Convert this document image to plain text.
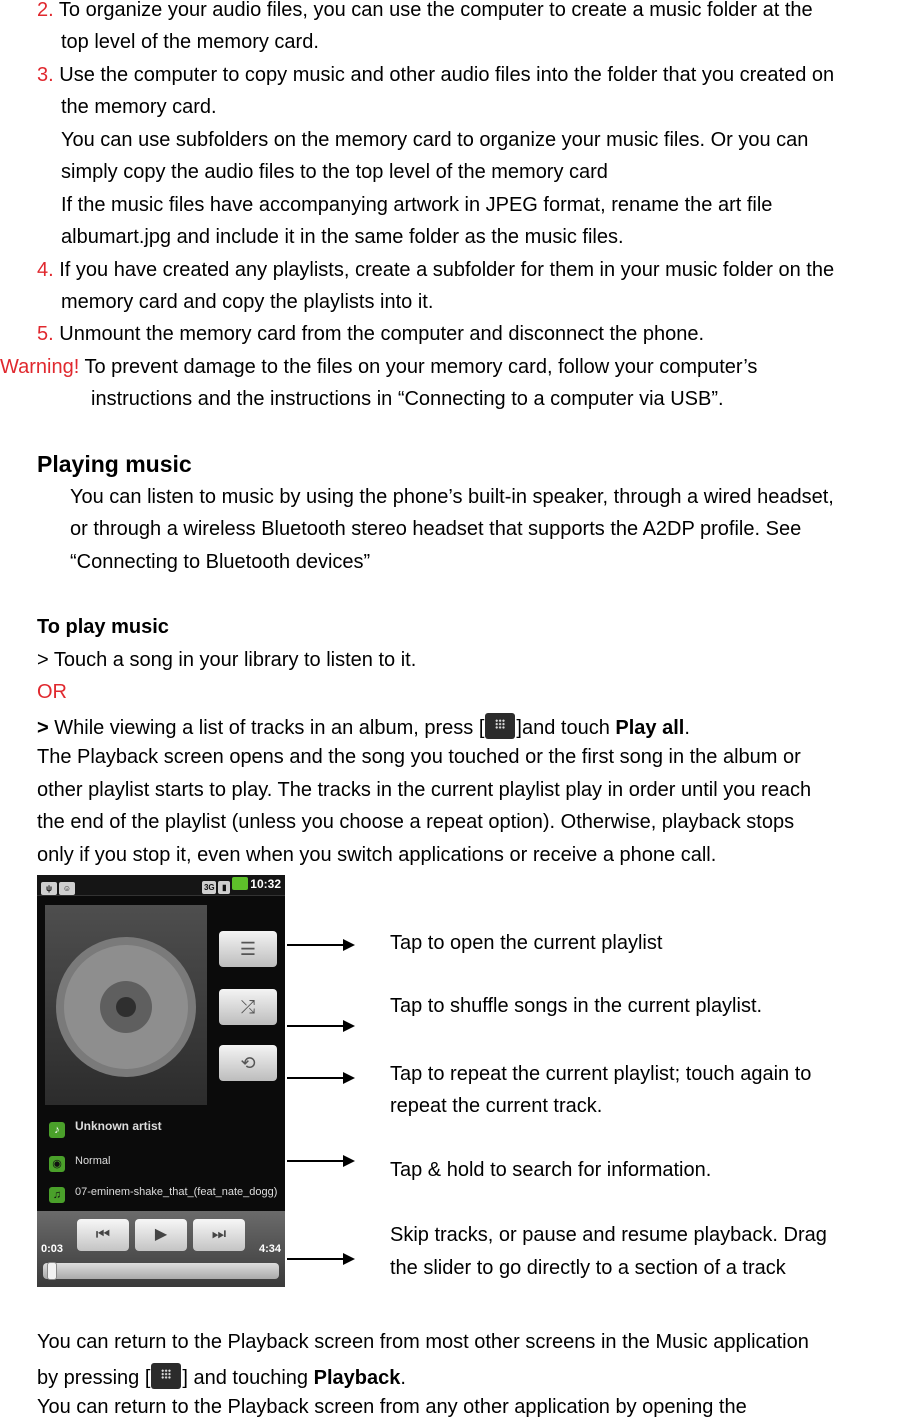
2. To organize your audio files, you can use the computer to create a music folder at the
top level of the memory card.
3. Use the computer to copy music and other audio files into the folder that you created on
the memory card.
You can use subfolders on the memory card to organize your music files. Or you can
simply copy the audio files to the top level of the memory card
If the music files have accompanying artwork in JPEG format, rename the art file
albumart.jpg and include it in the same folder as the music files.
4. If you have created any playlists, create a subfolder for them in your music folder on the
memory card and copy the playlists into it.
5. Unmount the memory card from the computer and disconnect the phone.
Warning! To prevent damage to the files on your memory card, follow your computer’s
instructions and the instructions in “Connecting to a computer via USB”.
Playing music
You can listen to music by using the phone’s built-in speaker, through a wired headset,
or through a wireless Bluetooth stereo headset that supports the A2DP profile. See
“Connecting to Bluetooth devices”
To play music
> Touch a song in your library to listen to it.
OR
> While viewing a list of tracks in an album, press [ ]and touch Play all.
The Playback screen opens and the song you touched or the first song in the album or
other playlist starts to play. The tracks in the current playlist play in order until you reach
the end of the playlist (unless you choose a repeat option). Otherwise, playback stops
only if you stop it, even when you switch applications or receive a phone call.
ψ ☺	3G ▮ 10:32
☰
⤮
⟲
♪ Unknown artist
◉ Normal
♫ 07-eminem-shake_that_(feat_nate_dogg)
⏮	▶	⏭
0:03	4:34
Tap to open the current playlist
Tap to shuffle songs in the current playlist.
Tap to repeat the current playlist; touch again to
repeat the current track.
Tap & hold to search for information.
Skip tracks, or pause and resume playback. Drag
the slider to go directly to a section of a track
You can return to the Playback screen from most other screens in the Music application
by pressing [ ] and touching Playback.
You can return to the Playback screen from any other application by opening the
